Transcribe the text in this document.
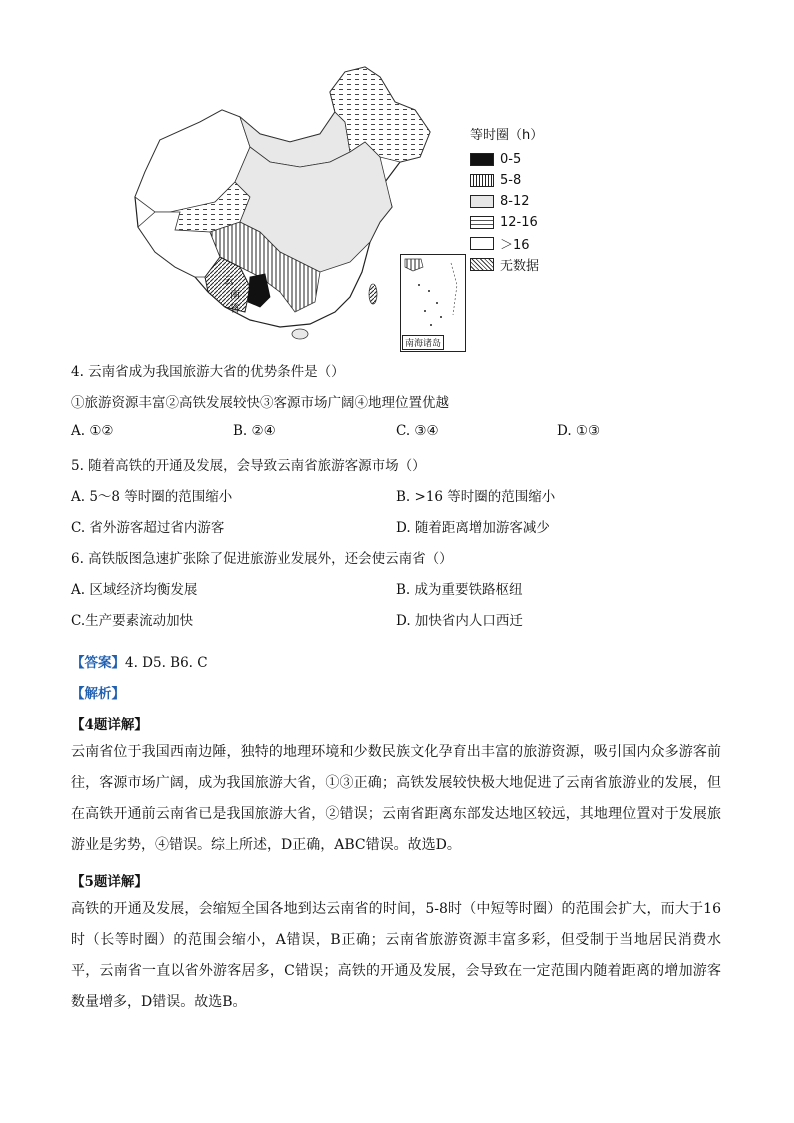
云
南
省
南海诸岛
等时圈（h）
0-5
5-8
8-12
12-16
＞16
无数据
4. 云南省成为我国旅游大省的优势条件是（）
①旅游资源丰富②高铁发展较快③客源市场广阔④地理位置优越
A. ①②	B. ②④	C. ③④	D. ①③
5. 随着高铁的开通及发展，会导致云南省旅游客源市场（）
A. 5～8 等时圈的范围缩小	B. >16 等时圈的范围缩小
C. 省外游客超过省内游客	D. 随着距离增加游客减少
6. 高铁版图急速扩张除了促进旅游业发展外，还会使云南省（）
A. 区域经济均衡发展	B. 成为重要铁路枢纽
C.生产要素流动加快	D. 加快省内人口西迁
【答案】4. D5. B6. C
【解析】
【4题详解】
云南省位于我国西南边陲，独特的地理环境和少数民族文化孕育出丰富的旅游资源，吸引国内众多游客前往，客源市场广阔，成为我国旅游大省，①③正确；高铁发展较快极大地促进了云南省旅游业的发展，但在高铁开通前云南省已是我国旅游大省，②错误；云南省距离东部发达地区较远，其地理位置对于发展旅游业是劣势，④错误。综上所述，D正确，ABC错误。故选D。
【5题详解】
高铁的开通及发展，会缩短全国各地到达云南省的时间，5-8时（中短等时圈）的范围会扩大，而大于16时（长等时圈）的范围会缩小，A错误，B正确；云南省旅游资源丰富多彩，但受制于当地居民消费水平，云南省一直以省外游客居多，C错误；高铁的开通及发展，会导致在一定范围内随着距离的增加游客数量增多，D错误。故选B。
